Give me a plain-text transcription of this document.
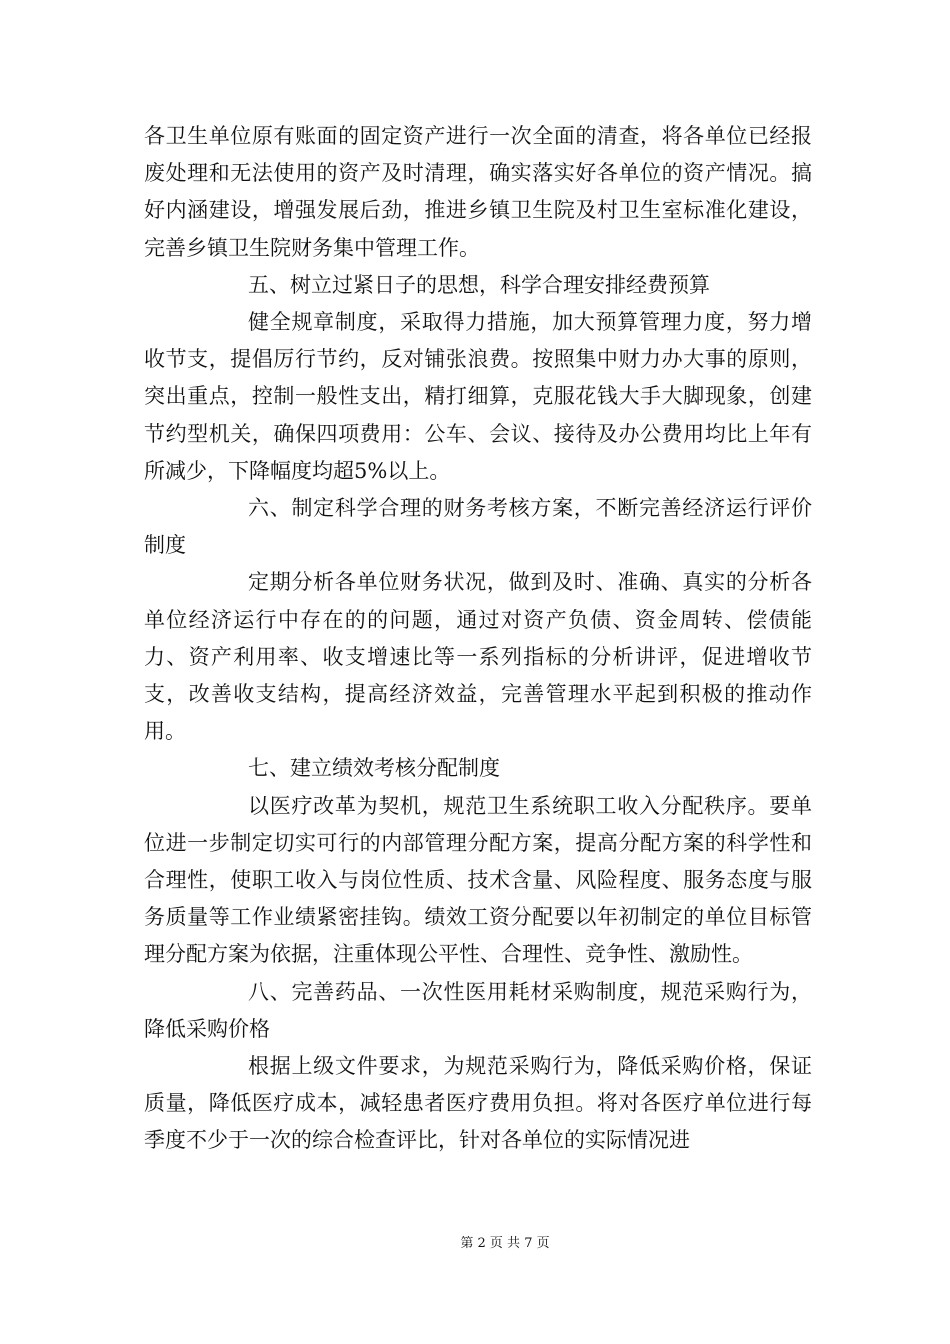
各卫生单位原有账面的固定资产进行一次全面的清查，将各单位已经报废处理和无法使用的资产及时清理，确实落实好各单位的资产情况。搞好内涵建设，增强发展后劲，推进乡镇卫生院及村卫生室标准化建设，完善乡镇卫生院财务集中管理工作。

五、树立过紧日子的思想，科学合理安排经费预算

健全规章制度，采取得力措施，加大预算管理力度，努力增收节支，提倡厉行节约，反对铺张浪费。按照集中财力办大事的原则，突出重点，控制一般性支出，精打细算，克服花钱大手大脚现象，创建节约型机关，确保四项费用：公车、会议、接待及办公费用均比上年有所减少，下降幅度均超5%以上。

六、制定科学合理的财务考核方案，不断完善经济运行评价制度

定期分析各单位财务状况，做到及时、准确、真实的分析各单位经济运行中存在的的问题，通过对资产负债、资金周转、偿债能力、资产利用率、收支增速比等一系列指标的分析讲评，促进增收节支，改善收支结构，提高经济效益，完善管理水平起到积极的推动作用。

七、建立绩效考核分配制度

以医疗改革为契机，规范卫生系统职工收入分配秩序。要单位进一步制定切实可行的内部管理分配方案，提高分配方案的科学性和合理性，使职工收入与岗位性质、技术含量、风险程度、服务态度与服务质量等工作业绩紧密挂钩。绩效工资分配要以年初制定的单位目标管理分配方案为依据，注重体现公平性、合理性、竞争性、激励性。

八、完善药品、一次性医用耗材采购制度，规范采购行为，降低采购价格

根据上级文件要求，为规范采购行为，降低采购价格，保证质量，降低医疗成本，减轻患者医疗费用负担。将对各医疗单位进行每季度不少于一次的综合检查评比，针对各单位的实际情况进

第 2 页 共 7 页
